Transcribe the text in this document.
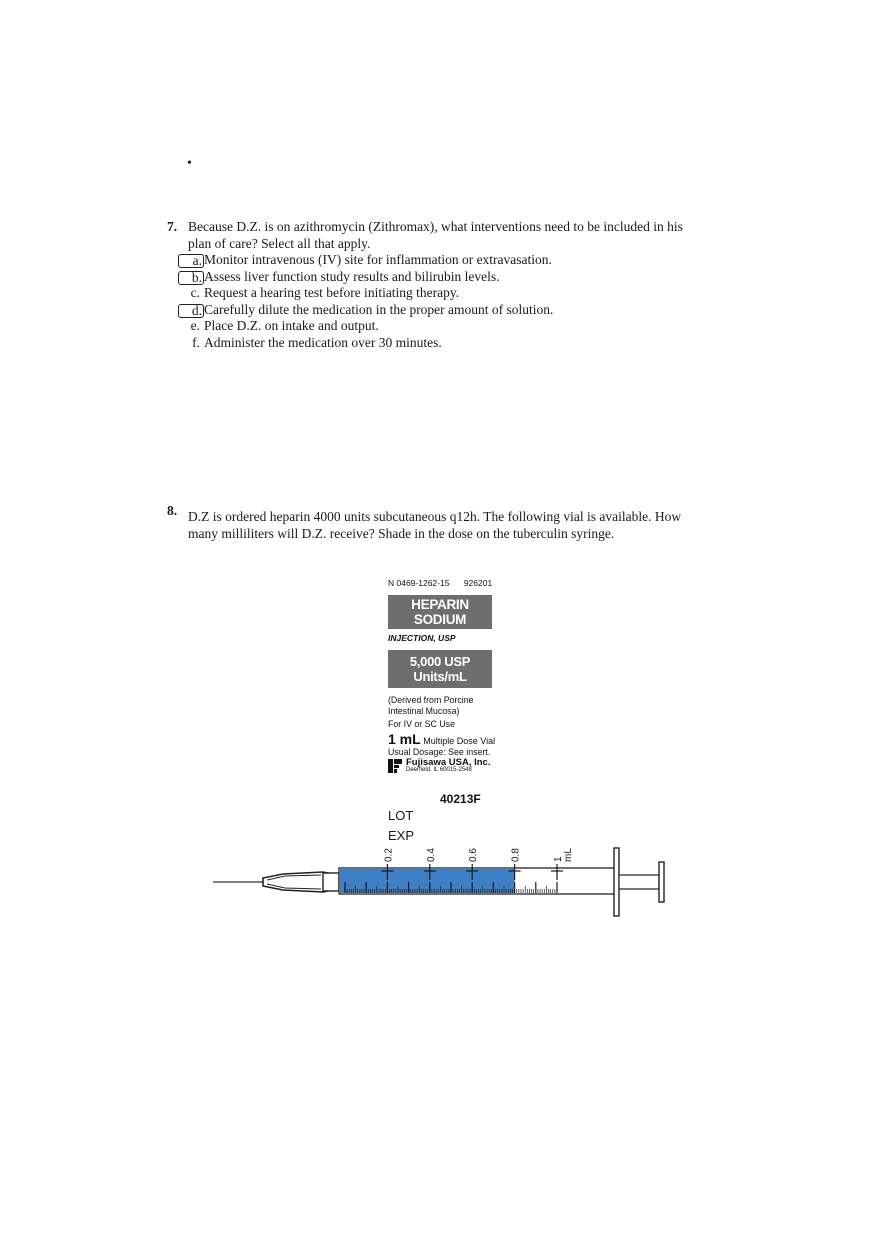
•
7. Because D.Z. is on azithromycin (Zithromax), what interventions need to be included in his
plan of care? Select all that apply.
a. Monitor intravenous (IV) site for inflammation or extravasation.
b. Assess liver function study results and bilirubin levels.
c. Request a hearing test before initiating therapy.
d. Carefully dilute the medication in the proper amount of solution.
e. Place D.Z. on intake and output.
f. Administer the medication over 30 minutes.
8. D.Z is ordered heparin 4000 units subcutaneous q12h. The following vial is available. How
many milliliters will D.Z. receive? Shade in the dose on the tuberculin syringe.
N 0469-1262-15 926201
HEPARIN SODIUM
INJECTION, USP
5,000 USP Units/mL
(Derived from Porcine
Intestinal Mucosa)
For IV or SC Use
1 mL Multiple Dose Vial
Usual Dosage: See insert.
Fujisawa USA, Inc.
Deerfield, IL 60015-2548
40213F
LOT
EXP
0.2	0.4	0.6	0.8	1 mL
